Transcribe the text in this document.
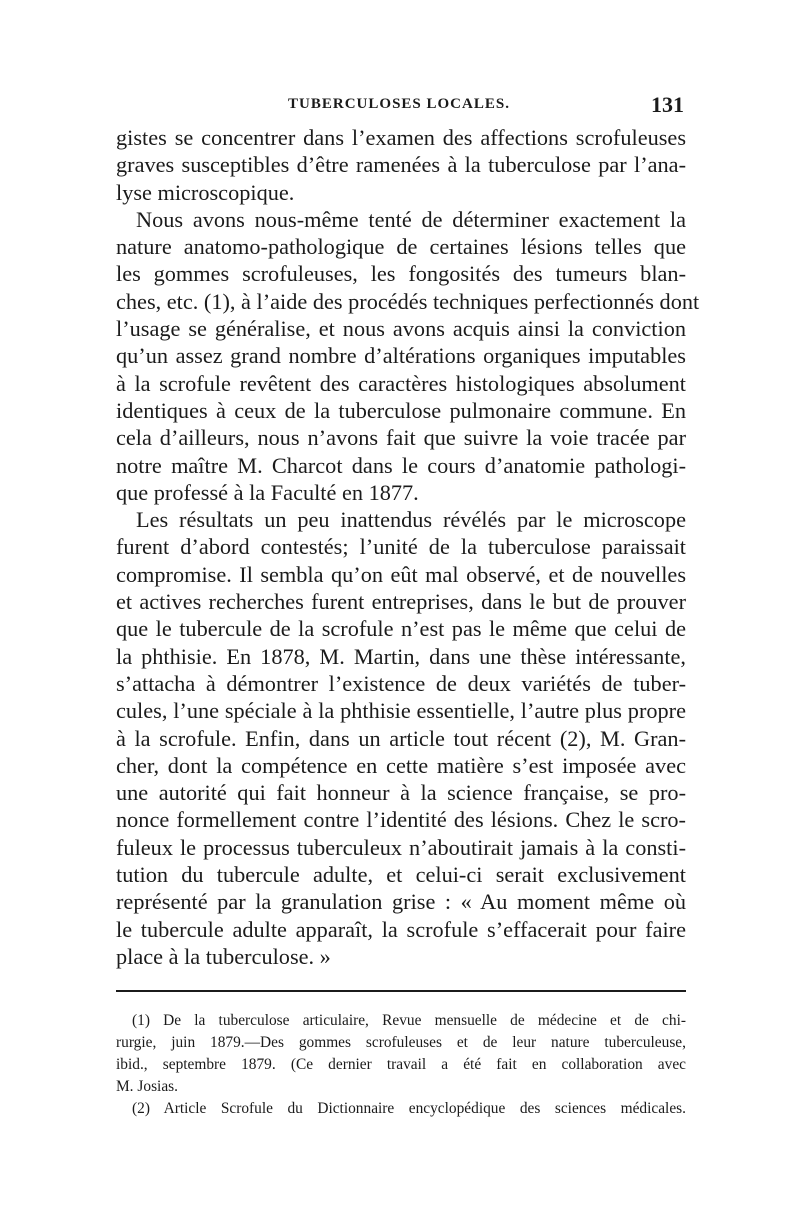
TUBERCULOSES LOCALES.	131
gistes se concentrer dans l’examen des affections scrofuleuses
graves susceptibles d’être ramenées à la tuberculose par l’ana-
lyse microscopique.
Nous avons nous-même tenté de déterminer exactement la
nature anatomo-pathologique de certaines lésions telles que
les gommes scrofuleuses, les fongosités des tumeurs blan-
ches, etc. (1), à l’aide des procédés techniques perfectionnés dont
l’usage se généralise, et nous avons acquis ainsi la conviction
qu’un assez grand nombre d’altérations organiques imputables
à la scrofule revêtent des caractères histologiques absolument
identiques à ceux de la tuberculose pulmonaire commune. En
cela d’ailleurs, nous n’avons fait que suivre la voie tracée par
notre maître M. Charcot dans le cours d’anatomie pathologi-
que professé à la Faculté en 1877.
Les résultats un peu inattendus révélés par le microscope
furent d’abord contestés; l’unité de la tuberculose paraissait
compromise. Il sembla qu’on eût mal observé, et de nouvelles
et actives recherches furent entreprises, dans le but de prouver
que le tubercule de la scrofule n’est pas le même que celui de
la phthisie. En 1878, M. Martin, dans une thèse intéressante,
s’attacha à démontrer l’existence de deux variétés de tuber-
cules, l’une spéciale à la phthisie essentielle, l’autre plus propre
à la scrofule. Enfin, dans un article tout récent (2), M. Gran-
cher, dont la compétence en cette matière s’est imposée avec
une autorité qui fait honneur à la science française, se pro-
nonce formellement contre l’identité des lésions. Chez le scro-
fuleux le processus tuberculeux n’aboutirait jamais à la consti-
tution du tubercule adulte, et celui-ci serait exclusivement
représenté par la granulation grise : « Au moment même où
le tubercule adulte apparaît, la scrofule s’effacerait pour faire
place à la tuberculose. »
(1) De la tuberculose articulaire, Revue mensuelle de médecine et de chi-
rurgie, juin 1879.—Des gommes scrofuleuses et de leur nature tuberculeuse,
ibid., septembre 1879. (Ce dernier travail a été fait en collaboration avec
M. Josias.
(2) Article Scrofule du Dictionnaire encyclopédique des sciences médicales.
